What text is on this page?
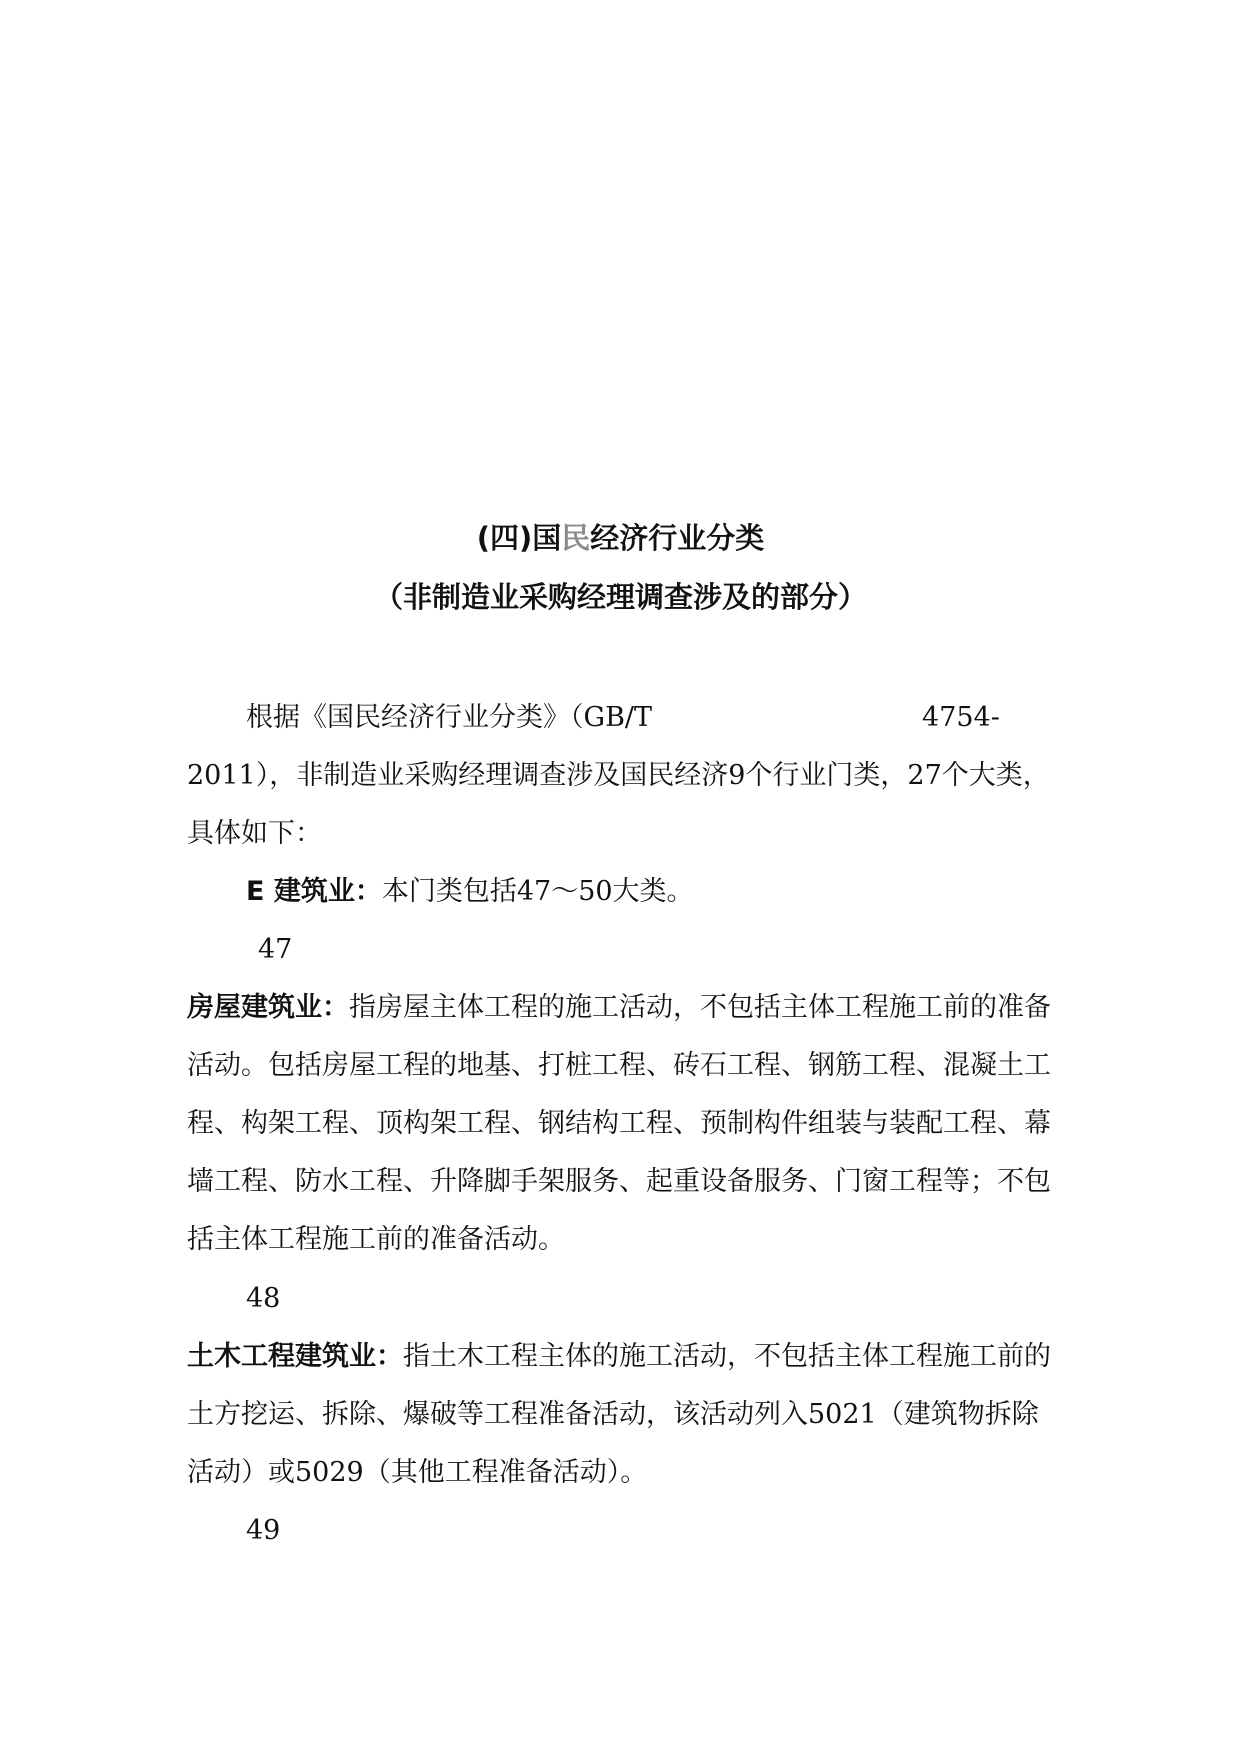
(四)国民经济行业分类
（非制造业采购经理调查涉及的部分）

根据《国民经济行业分类》（GB/T	4754-2011），非制造业采购经理调查涉及国民经济9个行业门类，27个大类，具体如下：

E 建筑业：本门类包括47～50大类。

47

房屋建筑业：指房屋主体工程的施工活动，不包括主体工程施工前的准备活动。包括房屋工程的地基、打桩工程、砖石工程、钢筋工程、混凝土工程、构架工程、顶构架工程、钢结构工程、预制构件组装与装配工程、幕墙工程、防水工程、升降脚手架服务、起重设备服务、门窗工程等；不包括主体工程施工前的准备活动。

48

土木工程建筑业：指土木工程主体的施工活动，不包括主体工程施工前的土方挖运、拆除、爆破等工程准备活动，该活动列入5021（建筑物拆除活动）或5029（其他工程准备活动）。

49
